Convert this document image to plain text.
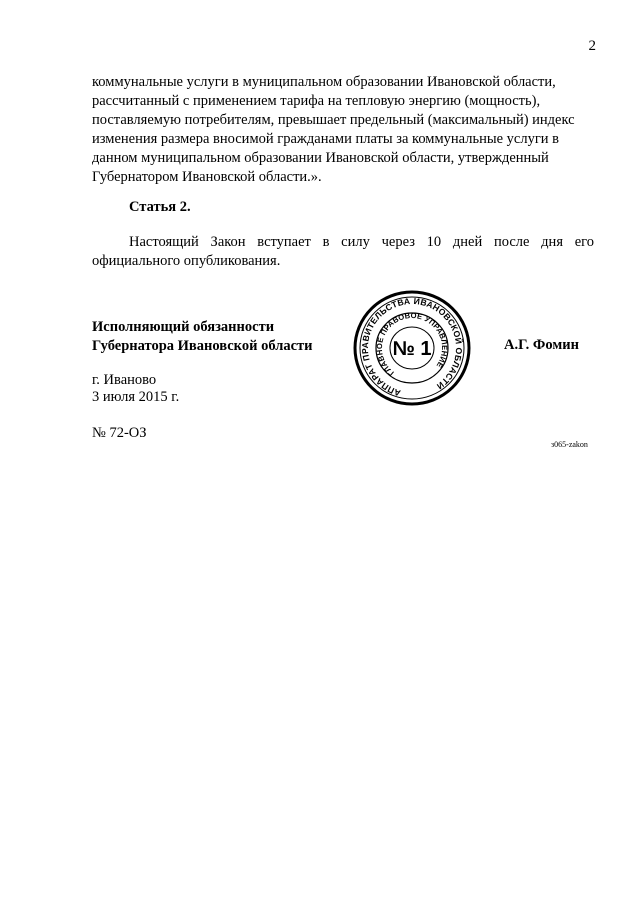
2

коммунальные услуги в муниципальном образовании Ивановской области,

рассчитанный с применением тарифа на тепловую энергию (мощность),

поставляемую потребителям, превышает предельный (максимальный) индекс

изменения размера вносимой гражданами платы за коммунальные услуги в

данном муниципальном образовании Ивановской области, утвержденный

Губернатором Ивановской области.».

Статья 2.
Настоящий Закон вступает в силу через 10 дней после дня его официального опубликования.
Исполняющий обязанности
Губернатора Ивановской области
АППАРАТ ПРАВИТЕЛЬСТВА ИВАНОВСКОЙ ОБЛАСТИ
ГЛАВНОЕ ПРАВОВОЕ УПРАВЛЕНИЕ
№ 1	А.Г. Фомин
г. Иваново
3 июля 2015 г.
№ 72-ОЗ
з065-zakon
